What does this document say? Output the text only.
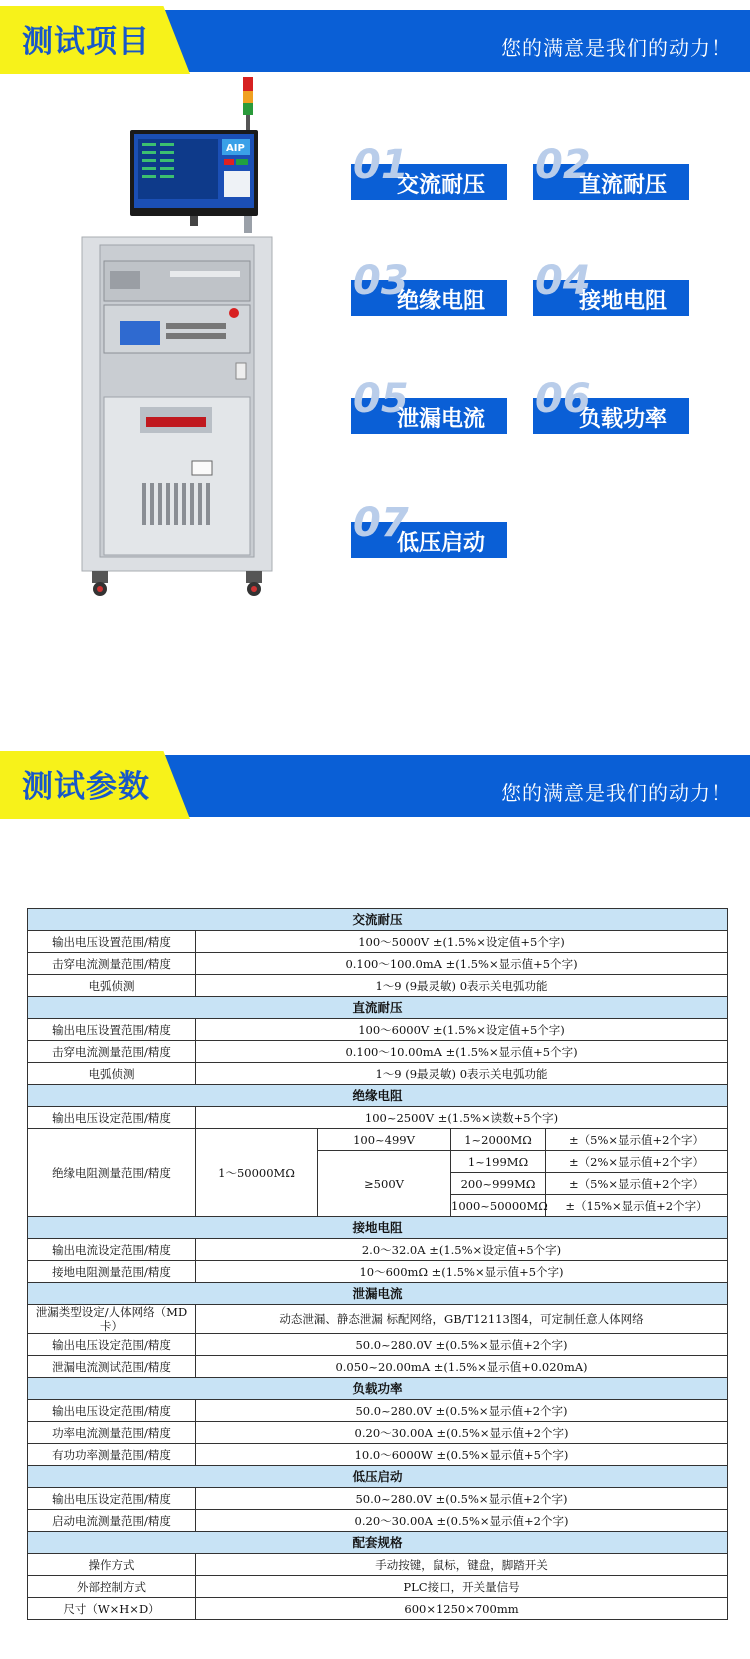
测试项目	您的满意是我们的动力！
AIP	01
交流耐压 02
直流耐压
03
绝缘电阻 04
接地电阻
05
泄漏电流 06
负载功率
07
低压启动
测试参数	您的满意是我们的动力！
交流耐压				
输出电压设置范围/精度	100～5000V ±(1.5%×设定值+5个字)			
击穿电流测量范围/精度	0.100～100.0mA ±(1.5%×显示值+5个字)			
电弧侦测	1～9 (9最灵敏) 0表示关电弧功能			
直流耐压				
输出电压设置范围/精度	100～6000V ±(1.5%×设定值+5个字)			
击穿电流测量范围/精度	0.100～10.00mA ±(1.5%×显示值+5个字)			
电弧侦测	1～9 (9最灵敏) 0表示关电弧功能			
绝缘电阻				
输出电压设定范围/精度	100~2500V ±(1.5%×读数+5个字)			
绝缘电阻测量范围/精度	1～50000MΩ	100~499V	1~2000MΩ	±（5%×显示值+2个字）
		≥500V	1~199MΩ	±（2%×显示值+2个字）
			200~999MΩ	±（5%×显示值+2个字）
			1000~50000MΩ	±（15%×显示值+2个字）
接地电阻				
输出电流设定范围/精度	2.0～32.0A ±(1.5%×设定值+5个字)			
接地电阻测量范围/精度	10～600mΩ ±(1.5%×显示值+5个字)			
泄漏电流				
泄漏类型设定/人体网络（MD卡）	动态泄漏、静态泄漏 标配网络，GB/T12113图4，可定制任意人体网络			
输出电压设定范围/精度	50.0~280.0V ±(0.5%×显示值+2个字)			
泄漏电流测试范围/精度	0.050~20.00mA ±(1.5%×显示值+0.020mA)			
负载功率				
输出电压设定范围/精度	50.0~280.0V ±(0.5%×显示值+2个字)			
功率电流测量范围/精度	0.20～30.00A ±(0.5%×显示值+2个字)			
有功功率测量范围/精度	10.0～6000W ±(0.5%×显示值+5个字)			
低压启动				
输出电压设定范围/精度	50.0~280.0V ±(0.5%×显示值+2个字)			
启动电流测量范围/精度	0.20～30.00A ±(0.5%×显示值+2个字)			
配套规格				
操作方式	手动按键，鼠标，键盘，脚踏开关			
外部控制方式	PLC接口，开关量信号			
尺寸（W×H×D）	600×1250×700mm			
